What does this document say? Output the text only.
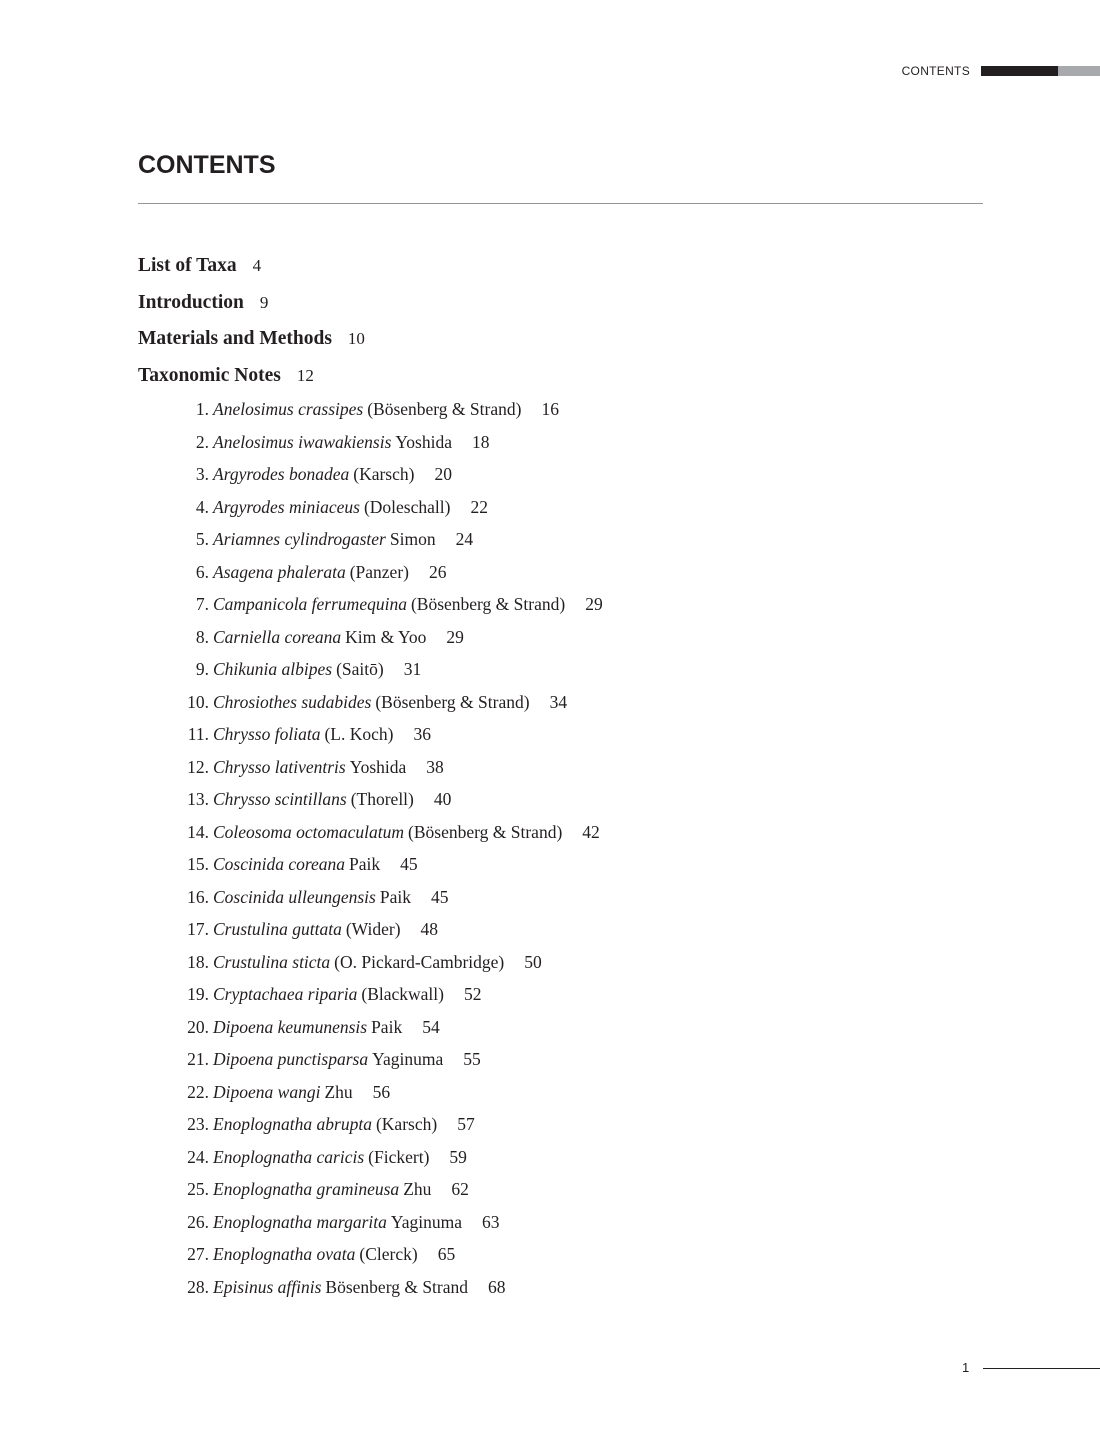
CONTENTS
CONTENTS
List of Taxa 4
Introduction 9
Materials and Methods 10
Taxonomic Notes 12
1. Anelosimus crassipes (Bösenberg & Strand) 16
2. Anelosimus iwawakiensis Yoshida 18
3. Argyrodes bonadea (Karsch) 20
4. Argyrodes miniaceus (Doleschall) 22
5. Ariamnes cylindrogaster Simon 24
6. Asagena phalerata (Panzer) 26
7. Campanicola ferrumequina (Bösenberg & Strand) 29
8. Carniella coreana Kim & Yoo 29
9. Chikunia albipes (Saitō) 31
10. Chrosiothes sudabides (Bösenberg & Strand) 34
11. Chrysso foliata (L. Koch) 36
12. Chrysso lativentris Yoshida 38
13. Chrysso scintillans (Thorell) 40
14. Coleosoma octomaculatum (Bösenberg & Strand) 42
15. Coscinida coreana Paik 45
16. Coscinida ulleungensis Paik 45
17. Crustulina guttata (Wider) 48
18. Crustulina sticta (O. Pickard-Cambridge) 50
19. Cryptachaea riparia (Blackwall) 52
20. Dipoena keumunensis Paik 54
21. Dipoena punctisparsa Yaginuma 55
22. Dipoena wangi Zhu 56
23. Enoplognatha abrupta (Karsch) 57
24. Enoplognatha caricis (Fickert) 59
25. Enoplognatha gramineusa Zhu 62
26. Enoplognatha margarita Yaginuma 63
27. Enoplognatha ovata (Clerck) 65
28. Episinus affinis Bösenberg & Strand 68
1
